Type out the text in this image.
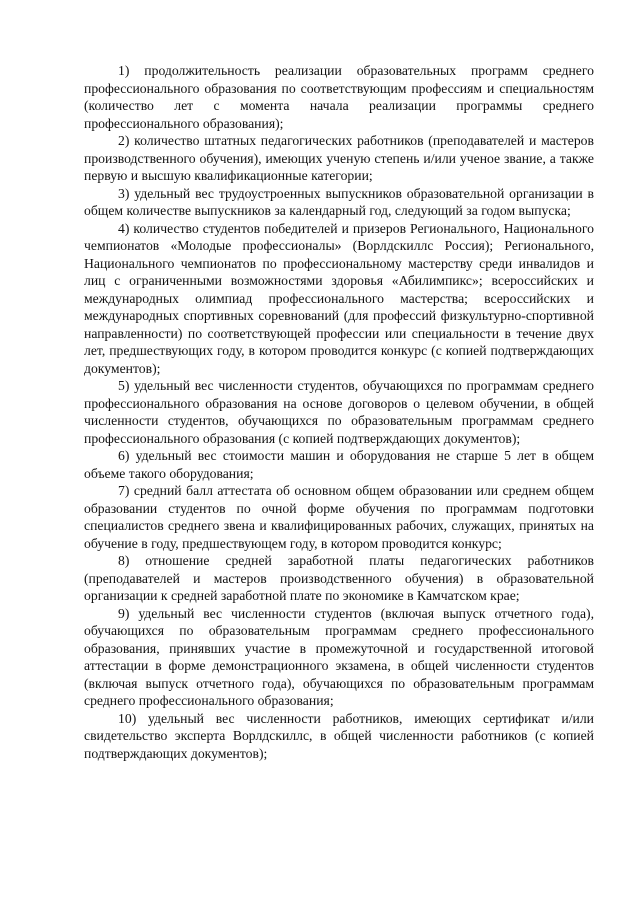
1) продолжительность реализации образовательных программ среднего профессионального образования по соответствующим профессиям и специальностям (количество лет с момента начала реализации программы среднего профессионального образования);

2) количество штатных педагогических работников (преподавателей и мастеров производственного обучения), имеющих ученую степень и/или ученое звание, а также первую и высшую квалификационные категории;

3) удельный вес трудоустроенных выпускников образовательной организации в общем количестве выпускников за календарный год, следующий за годом выпуска;

4) количество студентов победителей и призеров Регионального, Национального чемпионатов «Молодые профессионалы» (Ворлдскиллс Россия); Регионального, Национального чемпионатов по профессиональному мастерству среди инвалидов и лиц с ограниченными возможностями здоровья «Абилимпикс»; всероссийских и международных олимпиад профессионального мастерства; всероссийских и международных спортивных соревнований (для профессий физкультурно-спортивной направленности) по соответствующей профессии или специальности в течение двух лет, предшествующих году, в котором проводится конкурс (с копией подтверждающих документов);

5) удельный вес численности студентов, обучающихся по программам среднего профессионального образования на основе договоров о целевом обучении, в общей численности студентов, обучающихся по образовательным программам среднего профессионального образования (с копией подтверждающих документов);

6) удельный вес стоимости машин и оборудования не старше 5 лет в общем объеме такого оборудования;

7) средний балл аттестата об основном общем образовании или среднем общем образовании студентов по очной форме обучения по программам подготовки специалистов среднего звена и квалифицированных рабочих, служащих, принятых на обучение в году, предшествующем году, в котором проводится конкурс;

8) отношение средней заработной платы педагогических работников (преподавателей и мастеров производственного обучения) в образовательной организации к средней заработной плате по экономике в Камчатском крае;

9) удельный вес численности студентов (включая выпуск отчетного года), обучающихся по образовательным программам среднего профессионального образования, принявших участие в промежуточной и государственной итоговой аттестации в форме демонстрационного экзамена, в общей численности студентов (включая выпуск отчетного года), обучающихся по образовательным программам среднего профессионального образования;

10) удельный вес численности работников, имеющих сертификат и/или свидетельство эксперта Ворлдскиллс, в общей численности работников (с копией подтверждающих документов);
